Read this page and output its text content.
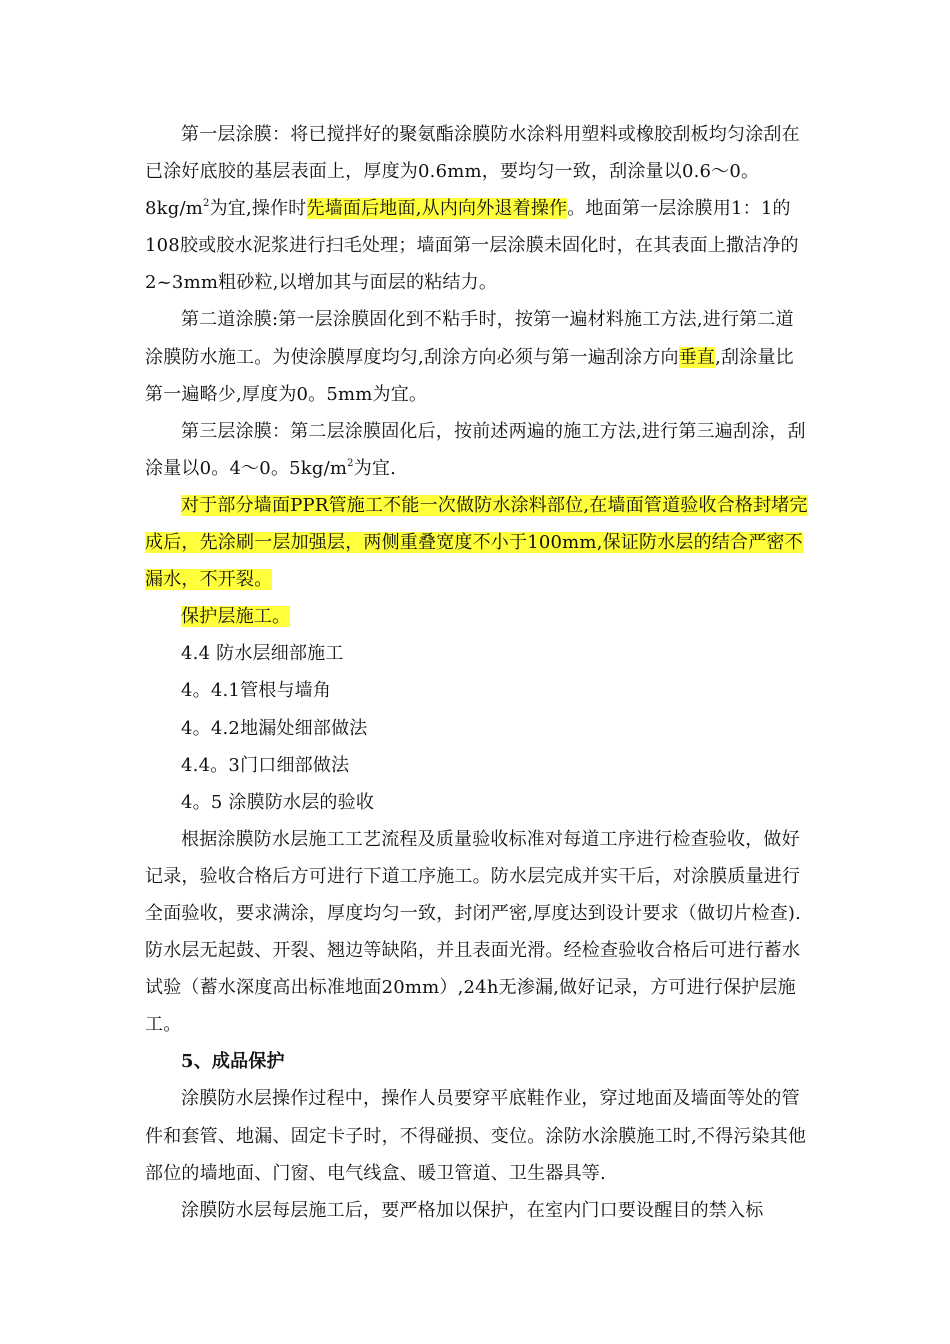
第一层涂膜：将已搅拌好的聚氨酯涂膜防水涂料用塑料或橡胶刮板均匀涂刮在已涂好底胶的基层表面上，厚度为0.6mm，要均匀一致，刮涂量以0.6～0。$8kg/m^2$为宜,操作时先墙面后地面,从内向外退着操作。地面第一层涂膜用1：1的108胶或胶水泥浆进行扫毛处理；墙面第一层涂膜未固化时，在其表面上撒洁净的2~3mm粗砂粒,以增加其与面层的粘结力。

第二道涂膜:第一层涂膜固化到不粘手时，按第一遍材料施工方法,进行第二道涂膜防水施工。为使涂膜厚度均匀,刮涂方向必须与第一遍刮涂方向垂直,刮涂量比第一遍略少,厚度为0。5mm为宜。

第三层涂膜：第二层涂膜固化后，按前述两遍的施工方法,进行第三遍刮涂，刮涂量以0。4～0。$5kg/m^2$为宜.

对于部分墙面PPR管施工不能一次做防水涂料部位,在墙面管道验收合格封堵完成后，先涂刷一层加强层，两侧重叠宽度不小于100mm,保证防水层的结合严密不漏水，不开裂。

保护层施工。

4.4 防水层细部施工

4。4.1管根与墙角

4。4.2地漏处细部做法

4.4。3门口细部做法

4。5 涂膜防水层的验收

根据涂膜防水层施工工艺流程及质量验收标准对每道工序进行检查验收，做好记录，验收合格后方可进行下道工序施工。防水层完成并实干后，对涂膜质量进行全面验收，要求满涂，厚度均匀一致，封闭严密,厚度达到设计要求（做切片检查).防水层无起鼓、开裂、翘边等缺陷，并且表面光滑。经检查验收合格后可进行蓄水试验（蓄水深度高出标准地面20mm）,24h无渗漏,做好记录，方可进行保护层施工。

5、成品保护

涂膜防水层操作过程中，操作人员要穿平底鞋作业，穿过地面及墙面等处的管件和套管、地漏、固定卡子时，不得碰损、变位。涂防水涂膜施工时,不得污染其他部位的墙地面、门窗、电气线盒、暖卫管道、卫生器具等.

涂膜防水层每层施工后，要严格加以保护，在室内门口要设醒目的禁入标
